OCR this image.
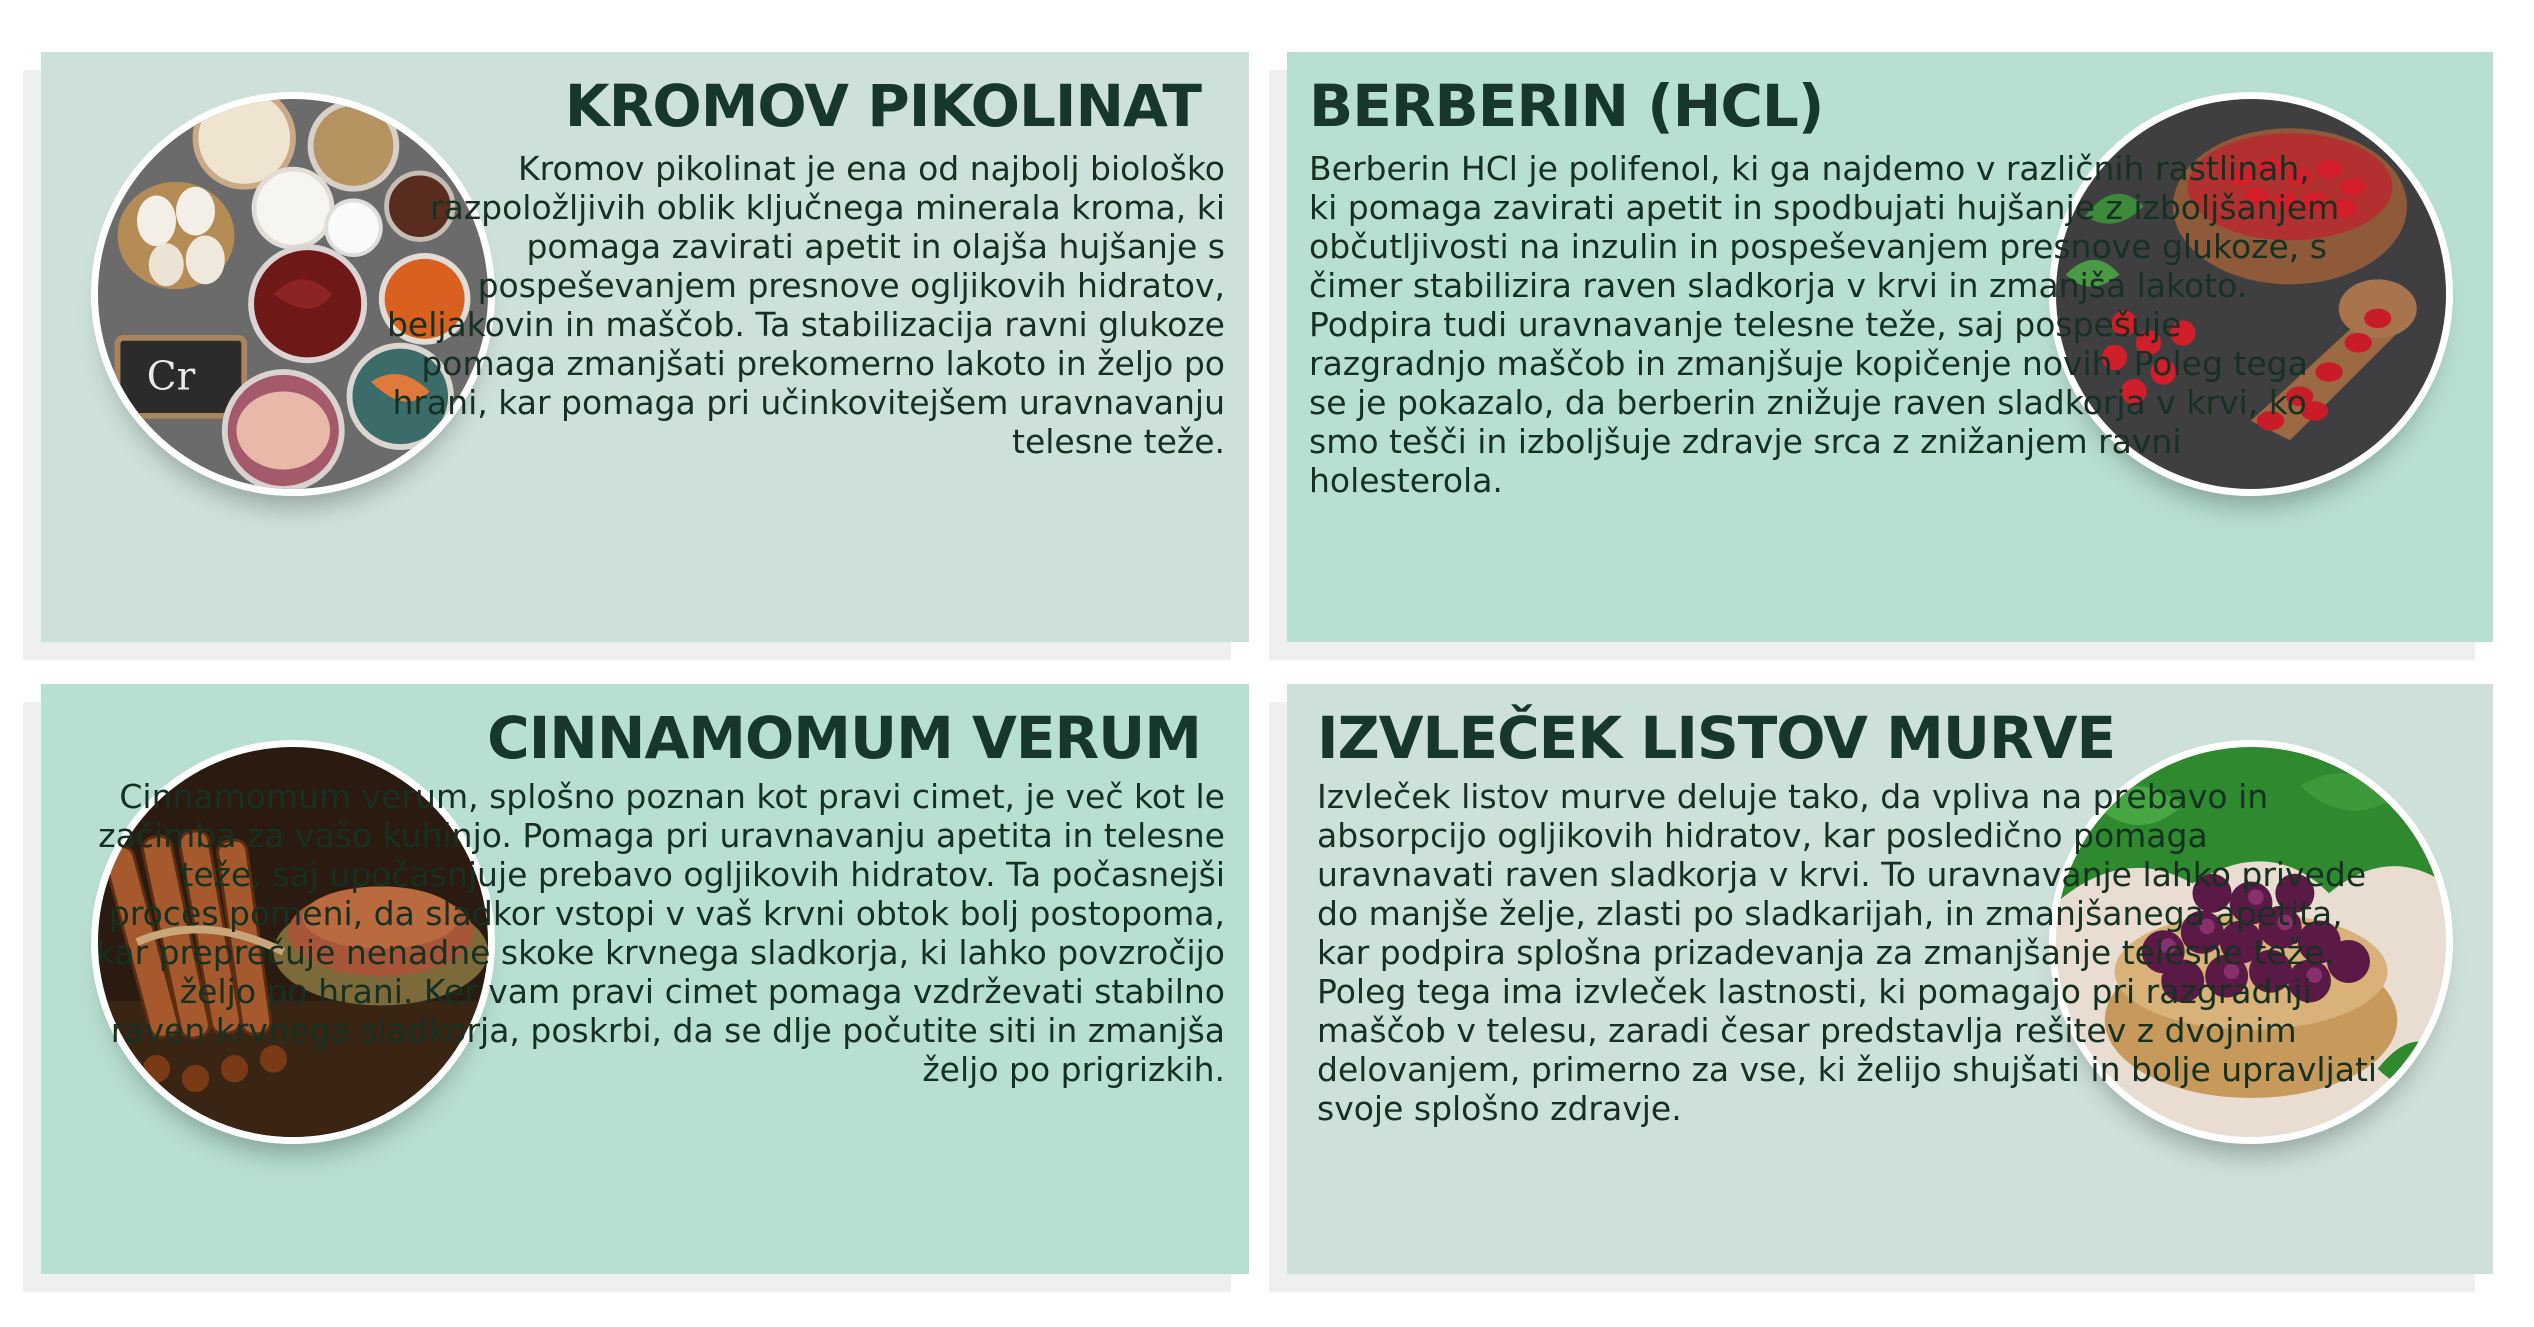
Cr
KROMOV PIKOLINAT

Kromov pikolinat je ena od najbolj biološko razpoložljivih oblik ključnega minerala kroma, ki pomaga zavirati apetit in olajša hujšanje s pospeševanjem presnove ogljikovih hidratov, beljakovin in maščob. Ta stabilizacija ravni glukoze pomaga zmanjšati prekomerno lakoto in željo po hrani, kar pomaga pri učinkovitejšem uravnavanju telesne teže.

BERBERIN (HCL)

Berberin HCl je polifenol, ki ga najdemo v različnih rastlinah, ki pomaga zavirati apetit in spodbujati hujšanje z izboljšanjem občutljivosti na inzulin in pospeševanjem presnove glukoze, s čimer stabilizira raven sladkorja v krvi in zmanjša lakoto. Podpira tudi uravnavanje telesne teže, saj pospešuje razgradnjo maščob in zmanjšuje kopičenje novih. Poleg tega se je pokazalo, da berberin znižuje raven sladkorja v krvi, ko smo tešči in izboljšuje zdravje srca z znižanjem ravni holesterola.

CINNAMOMUM VERUM

Cinnamomum verum, splošno poznan kot pravi cimet, je več kot le začimba za vašo kuhinjo. Pomaga pri uravnavanju apetita in telesne teže, saj upočasnjuje prebavo ogljikovih hidratov. Ta počasnejši proces pomeni, da sladkor vstopi v vaš krvni obtok bolj postopoma, kar preprečuje nenadne skoke krvnega sladkorja, ki lahko povzročijo željo po hrani. Ker vam pravi cimet pomaga vzdrževati stabilno raven krvnega sladkorja, poskrbi, da se dlje počutite siti in zmanjša željo po prigrizkih.

IZVLEČEK LISTOV MURVE

Izvleček listov murve deluje tako, da vpliva na prebavo in absorpcijo ogljikovih hidratov, kar posledično pomaga uravnavati raven sladkorja v krvi. To uravnavanje lahko privede do manjše želje, zlasti po sladkarijah, in zmanjšanega apetita, kar podpira splošna prizadevanja za zmanjšanje telesne teže. Poleg tega ima izvleček lastnosti, ki pomagajo pri razgradnji maščob v telesu, zaradi česar predstavlja rešitev z dvojnim delovanjem, primerno za vse, ki želijo shujšati in bolje upravljati svoje splošno zdravje.
